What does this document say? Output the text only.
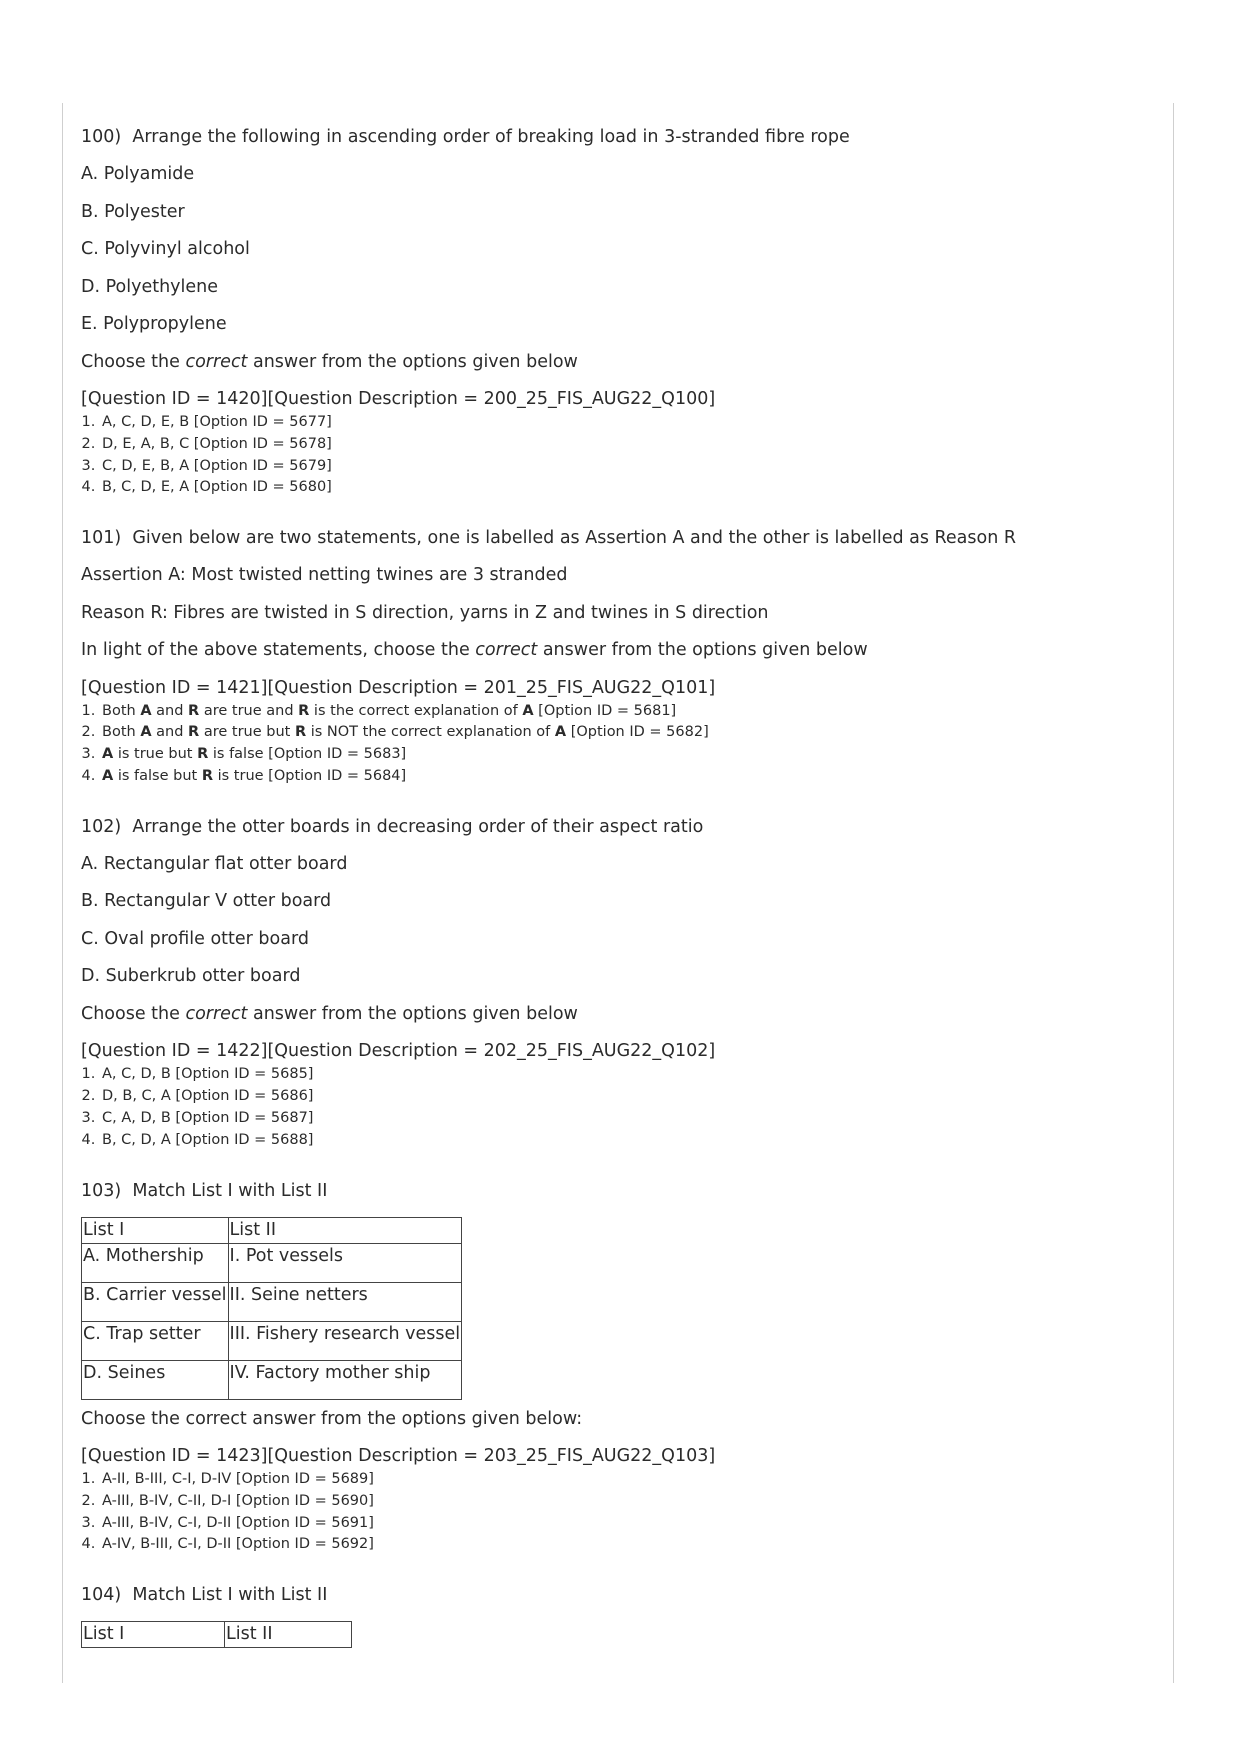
100) Arrange the following in ascending order of breaking load in 3-stranded fibre rope

A. Polyamide

B. Polyester

C. Polyvinyl alcohol

D. Polyethylene

E. Polypropylene

Choose the correct answer from the options given below

[Question ID = 1420][Question Description = 200_25_FIS_AUG22_Q100]

1. A, C, D, E, B [Option ID = 5677]
2. D, E, A, B, C [Option ID = 5678]
3. C, D, E, B, A [Option ID = 5679]
4. B, C, D, E, A [Option ID = 5680]

101) Given below are two statements, one is labelled as Assertion A and the other is labelled as Reason R

Assertion A: Most twisted netting twines are 3 stranded

Reason R: Fibres are twisted in S direction, yarns in Z and twines in S direction

In light of the above statements, choose the correct answer from the options given below

[Question ID = 1421][Question Description = 201_25_FIS_AUG22_Q101]

1. Both A and R are true and R is the correct explanation of A [Option ID = 5681]
2. Both A and R are true but R is NOT the correct explanation of A [Option ID = 5682]
3. A is true but R is false [Option ID = 5683]
4. A is false but R is true [Option ID = 5684]

102) Arrange the otter boards in decreasing order of their aspect ratio

A. Rectangular flat otter board

B. Rectangular V otter board

C. Oval profile otter board

D. Suberkrub otter board

Choose the correct answer from the options given below

[Question ID = 1422][Question Description = 202_25_FIS_AUG22_Q102]

1. A, C, D, B [Option ID = 5685]
2. D, B, C, A [Option ID = 5686]
3. C, A, D, B [Option ID = 5687]
4. B, C, D, A [Option ID = 5688]

103) Match List I with List II

List I	List II
A. Mothership	I. Pot vessels
B. Carrier vessel	II. Seine netters
C. Trap setter	III. Fishery research vessel
D. Seines	IV. Factory mother ship

Choose the correct answer from the options given below:

[Question ID = 1423][Question Description = 203_25_FIS_AUG22_Q103]

1. A-II, B-III, C-I, D-IV [Option ID = 5689]
2. A-III, B-IV, C-II, D-I [Option ID = 5690]
3. A-III, B-IV, C-I, D-II [Option ID = 5691]
4. A-IV, B-III, C-I, D-II [Option ID = 5692]

104) Match List I with List II

List I	List II
